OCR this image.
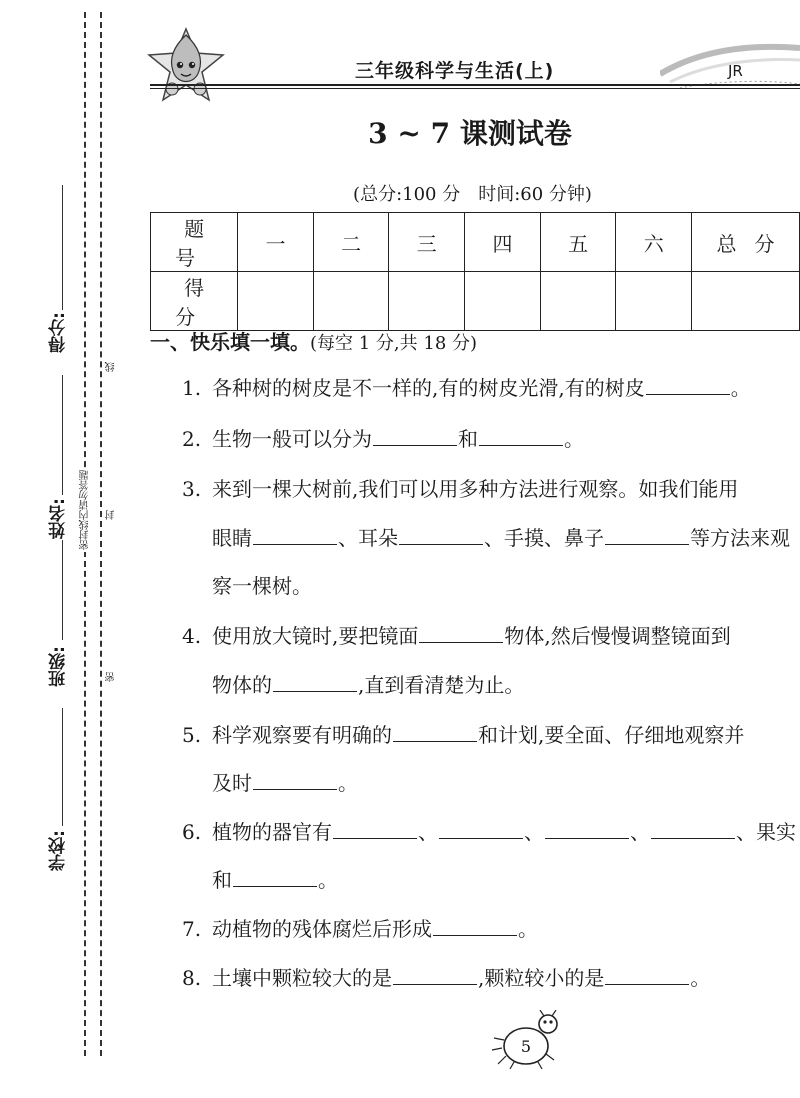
得分:
姓名:
班级:
学校:
线
密封线内请勿答题 封
密
三年级科学与生活(上)	JR
3 ~ 7 课测试卷
(总分:100 分　时间:60 分钟)
题号	一	二	三	四	五	六	总分
得分							
一、快乐填一填。(每空 1 分,共 18 分)
1. 各种树的树皮是不一样的,有的树皮光滑,有的树皮	。
2. 生物一般可以分为	和	。
3. 来到一棵大树前,我们可以用多种方法进行观察。如我们能用
眼睛	、耳朵	、手摸、鼻子	等方法来观
察一棵树。
4. 使用放大镜时,要把镜面	物体,然后慢慢调整镜面到
物体的	,直到看清楚为止。
5. 科学观察要有明确的	和计划,要全面、仔细地观察并
及时	。
6. 植物的器官有	、	、	、	、果实
和	。
7. 动植物的残体腐烂后形成	。
8. 土壤中颗粒较大的是	,颗粒较小的是	。
5
